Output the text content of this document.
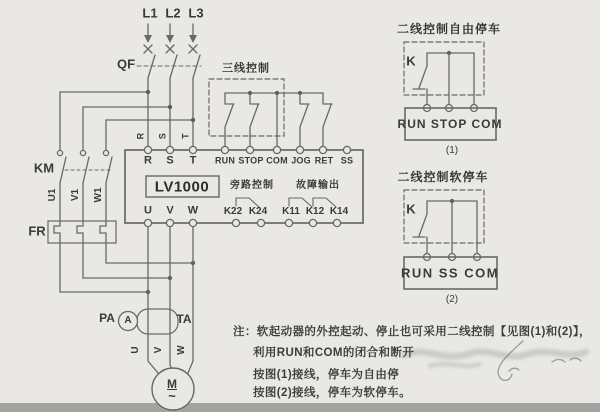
L1 L2 L3
QF
KM
FR
U1 V1 W1
R S T
U V W
三线控制
LV1000 旁路控制 故障输出
R S T RUN STOP COM JOG RET SS
U V W	K22 K24 K11 K12 K14
PA A	TA
M
~
二线控制自由停车
K
RUN STOP COM
(1)
二线控制软停车
K
RUN SS COM
(2)
注：软起动器的外控起动、停止也可采用二线控制【见图(1)和(2)】，
利用RUN和COM的闭合和断开
按图(1)接线，停车为自由停
按图(2)接线，停车为软停车。
